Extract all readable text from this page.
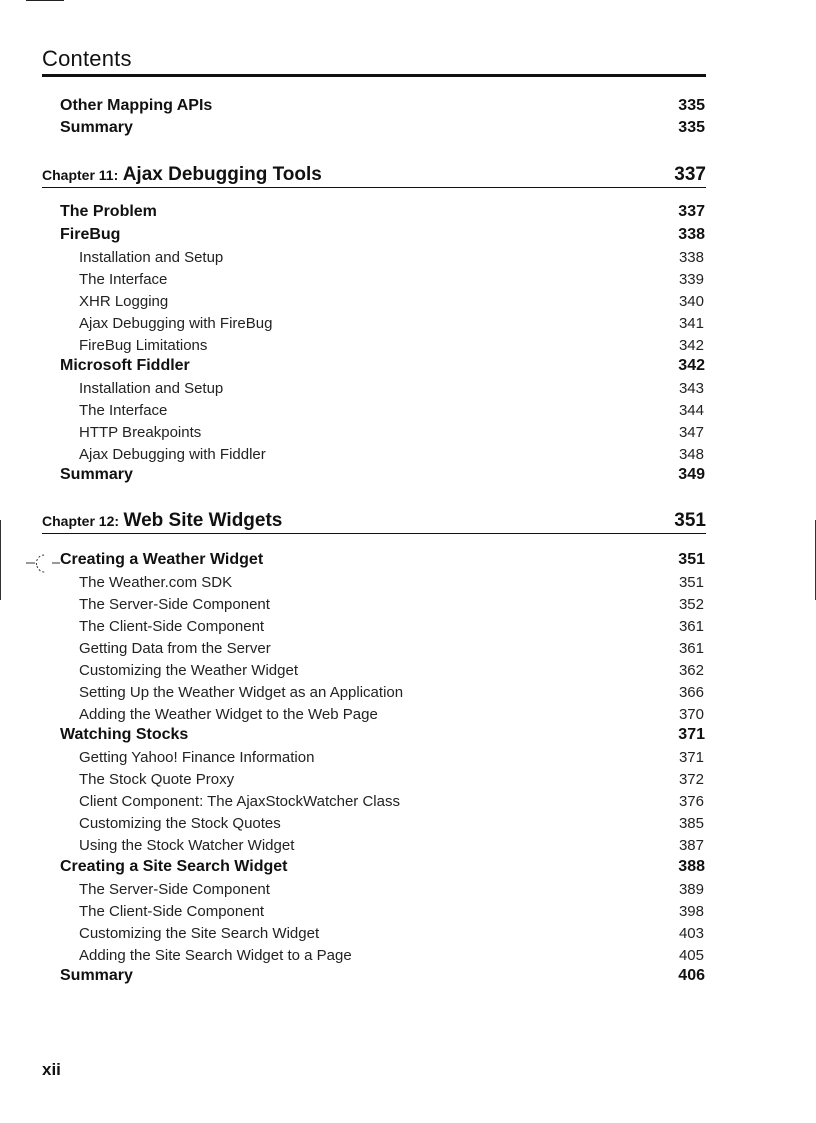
Contents
Other Mapping APIs	335
Summary	335
Chapter 11: Ajax Debugging Tools	337
The Problem	337
FireBug	338
Installation and Setup	338
The Interface	339
XHR Logging	340
Ajax Debugging with FireBug	341
FireBug Limitations	342
Microsoft Fiddler	342
Installation and Setup	343
The Interface	344
HTTP Breakpoints	347
Ajax Debugging with Fiddler	348
Summary	349
Chapter 12: Web Site Widgets	351
Creating a Weather Widget	351
The Weather.com SDK	351
The Server-Side Component	352
The Client-Side Component	361
Getting Data from the Server	361
Customizing the Weather Widget	362
Setting Up the Weather Widget as an Application	366
Adding the Weather Widget to the Web Page	370
Watching Stocks	371
Getting Yahoo! Finance Information	371
The Stock Quote Proxy	372
Client Component: The AjaxStockWatcher Class	376
Customizing the Stock Quotes	385
Using the Stock Watcher Widget	387
Creating a Site Search Widget	388
The Server-Side Component	389
The Client-Side Component	398
Customizing the Site Search Widget	403
Adding the Site Search Widget to a Page	405
Summary	406
xii
